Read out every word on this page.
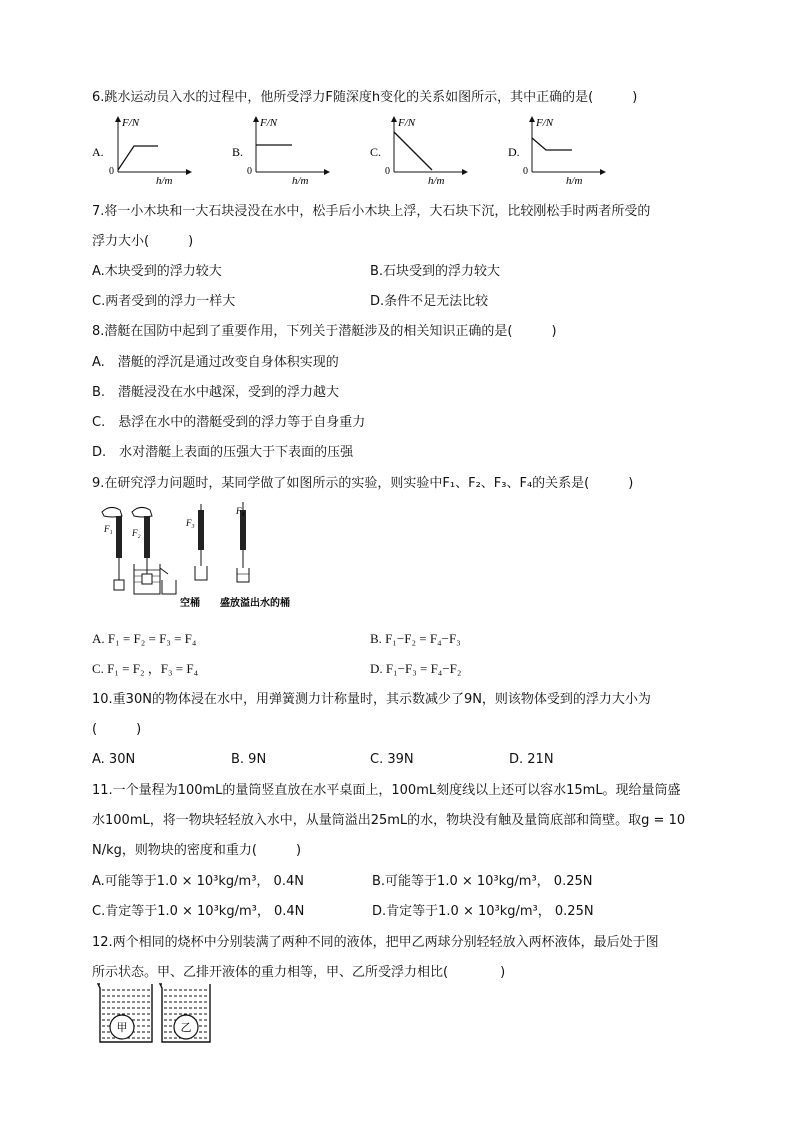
6.跳水运动员入水的过程中，他所受浮力F随深度h变化的关系如图所示，其中正确的是(　　　)
A.
F/N
0
h/m
B.
F/N
0
h/m
C.
F/N
0
h/m
D.
F/N
0
h/m
7.将一小木块和一大石块浸没在水中，松手后小木块上浮，大石块下沉，比较刚松手时两者所受的
浮力大小(　　　)
A.木块受到的浮力较大	B.石块受到的浮力较大
C.两者受到的浮力一样大	D.条件不足无法比较
8.潜艇在国防中起到了重要作用，下列关于潜艇涉及的相关知识正确的是(　　　)
A.　潜艇的浮沉是通过改变自身体积实现的
B.　潜艇浸没在水中越深，受到的浮力越大
C.　悬浮在水中的潜艇受到的浮力等于自身重力
D.　水对潜艇上表面的压强大于下表面的压强
9.在研究浮力问题时，某同学做了如图所示的实验，则实验中F₁、F₂、F₃、F₄的关系是(　　　)
F₁ F₂
F₃
F₄
空桶 盛放溢出水的桶
A. F₁ = F₂ = F₃ = F₄	B. F₁−F₂ = F₄−F₃
C. F₁ = F₂ ，F₃ = F₄	D. F₁−F₃ = F₄−F₂
10.重30N的物体浸在水中，用弹簧测力计称量时，其示数减少了9N，则该物体受到的浮力大小为
(　　　)
A. 30N	B. 9N	C. 39N	D. 21N
11.一个量程为100mL的量筒竖直放在水平桌面上，100mL刻度线以上还可以容水15mL。现给量筒盛
水100mL，将一物块轻轻放入水中，从量筒溢出25mL的水，物块没有触及量筒底部和筒壁。取g = 10
N/kg，则物块的密度和重力(　　　)
A.可能等于1.0 × 10³kg/m³， 0.4N	B.可能等于1.0 × 10³kg/m³， 0.25N
C.肯定等于1.0 × 10³kg/m³， 0.4N	D.肯定等于1.0 × 10³kg/m³， 0.25N
12.两个相同的烧杯中分别装满了两种不同的液体，把甲乙两球分别轻轻放入两杯液体，最后处于图
所示状态。甲、乙排开液体的重力相等，甲、乙所受浮力相比(　　　　)
甲	乙
